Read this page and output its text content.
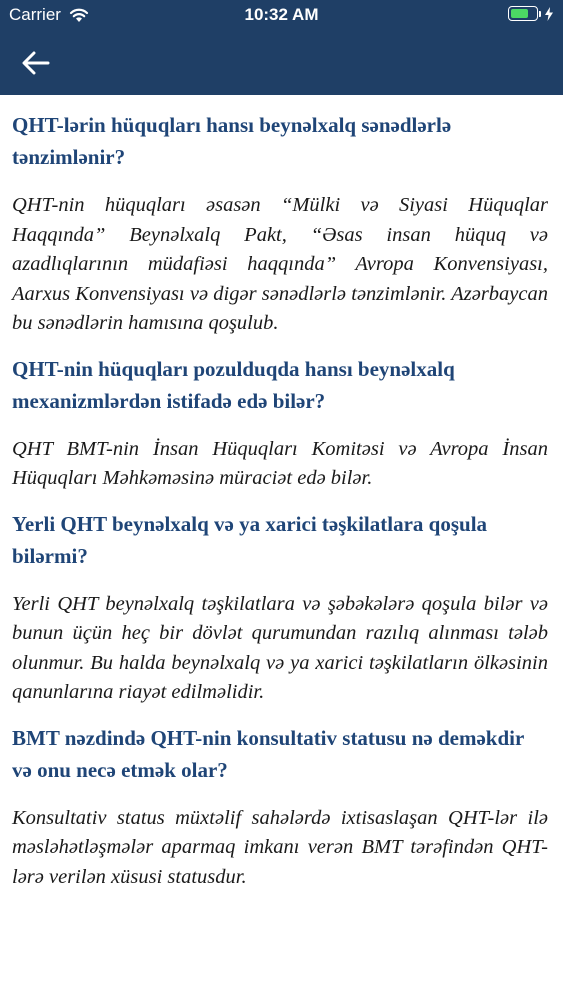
Carrier	10:32 AM

QHT-lərin hüquqları hansı beynəlxalq sənədlərlə tənzimlənir?

QHT-nin hüquqları əsasən “Mülki və Siyasi Hüquqlar Haqqında” Beynəlxalq Pakt, “Əsas insan hüquq və azadlıqlarının müdafiəsi haqqında” Avropa Konvensiyası, Aarxus Konvensiyası və digər sənədlərlə tənzimlənir. Azərbaycan bu sənədlərin hamısına qoşulub.

QHT-nin hüquqları pozulduqda hansı beynəlxalq mexanizmlərdən istifadə edə bilər?

QHT BMT-nin İnsan Hüquqları Komitəsi və Avropa İnsan Hüquqları Məhkəməsinə müraciət edə bilər.

Yerli QHT beynəlxalq və ya xarici təşkilatlara qoşula bilərmi?

Yerli QHT beynəlxalq təşkilatlara və şəbəkələrə qoşula bilər və bunun üçün heç bir dövlət qurumundan razılıq alınması tələb olunmur. Bu halda beynəlxalq və ya xarici təşkilatların ölkəsinin qanunlarına riayət edilməlidir.

BMT nəzdində QHT-nin konsultativ statusu nə deməkdir və onu necə etmək olar?

Konsultativ status müxtəlif sahələrdə ixtisaslaşan QHT-lər ilə məsləhətləşmələr aparmaq imkanı verən BMT tərəfindən QHT-lərə verilən xüsusi statusdur.
